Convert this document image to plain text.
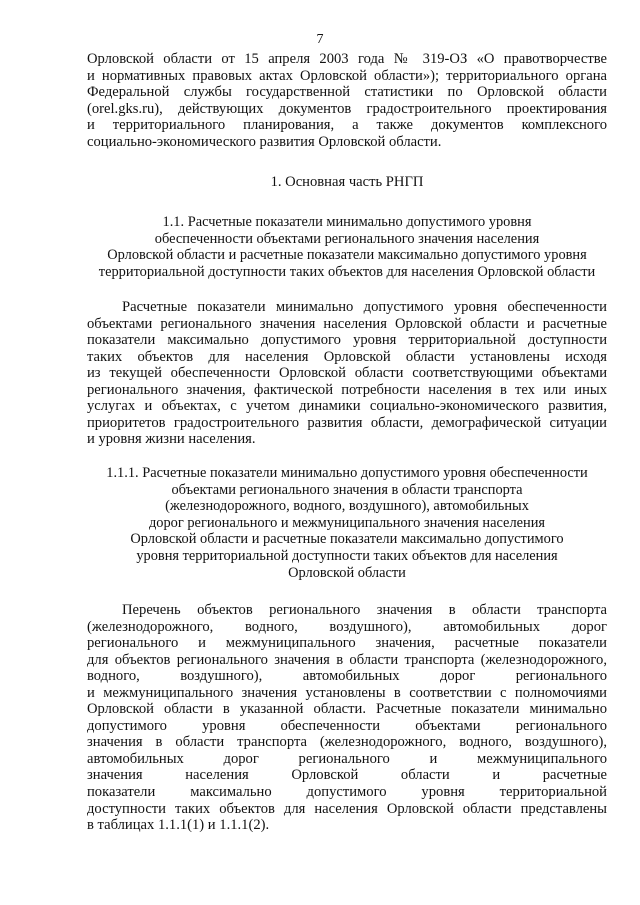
7
Орловской области от 15 апреля 2003 года № 319-ОЗ «О правотворчестве
и нормативных правовых актах Орловской области»); территориального органа
Федеральной службы государственной статистики по Орловской области
(orel.gks.ru), действующих документов градостроительного проектирования
и территориального планирования, а также документов комплексного
социально-экономического развития Орловской области.
1. Основная часть РНГП
1.1. Расчетные показатели минимально допустимого уровня
обеспеченности объектами регионального значения населения
Орловской области и расчетные показатели максимально допустимого уровня
территориальной доступности таких объектов для населения Орловской области
Расчетные показатели минимально допустимого уровня обеспеченности
объектами регионального значения населения Орловской области и расчетные
показатели максимально допустимого уровня территориальной доступности
таких объектов для населения Орловской области установлены исходя
из текущей обеспеченности Орловской области соответствующими объектами
регионального значения, фактической потребности населения в тех или иных
услугах и объектах, с учетом динамики социально-экономического развития,
приоритетов градостроительного развития области, демографической ситуации
и уровня жизни населения.
1.1.1. Расчетные показатели минимально допустимого уровня обеспеченности
объектами регионального значения в области транспорта
(железнодорожного, водного, воздушного), автомобильных
дорог регионального и межмуниципального значения населения
Орловской области и расчетные показатели максимально допустимого
уровня территориальной доступности таких объектов для населения
Орловской области
Перечень объектов регионального значения в области транспорта
(железнодорожного, водного, воздушного), автомобильных дорог
регионального и межмуниципального значения, расчетные показатели
для объектов регионального значения в области транспорта (железнодорожного,
водного, воздушного), автомобильных дорог регионального
и межмуниципального значения установлены в соответствии с полномочиями
Орловской области в указанной области. Расчетные показатели минимально
допустимого уровня обеспеченности объектами регионального
значения в области транспорта (железнодорожного, водного, воздушного),
автомобильных дорог регионального и межмуниципального
значения населения Орловской области и расчетные
показатели максимально допустимого уровня территориальной
доступности таких объектов для населения Орловской области представлены
в таблицах 1.1.1(1) и 1.1.1(2).
